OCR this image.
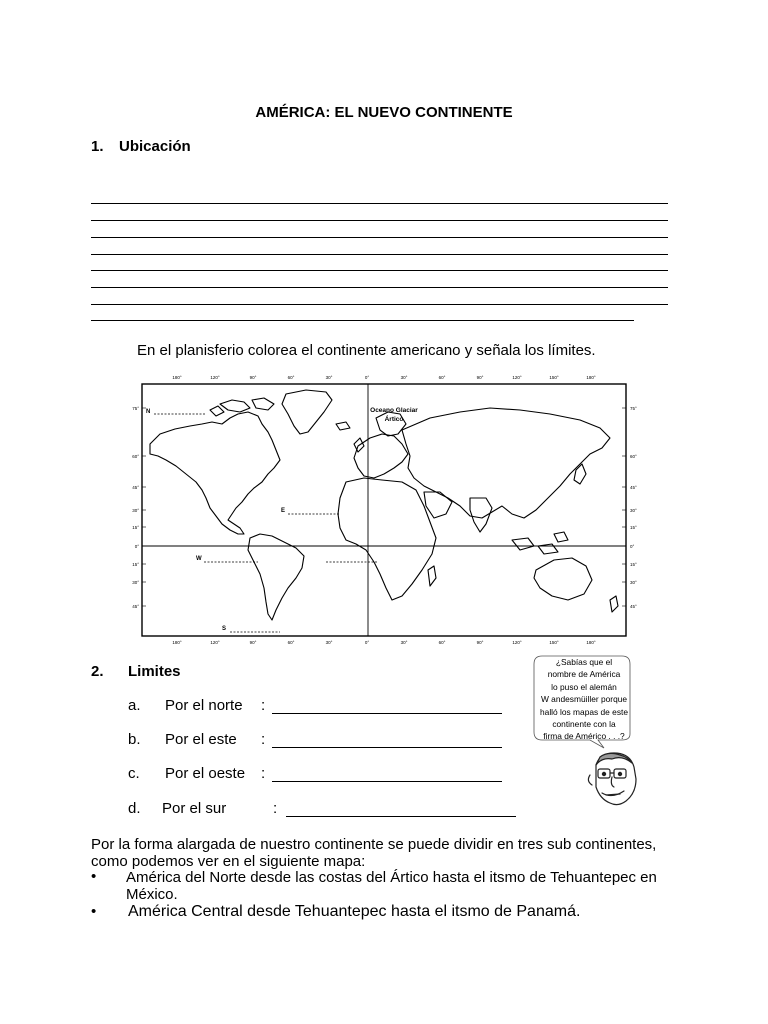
AMÉRICA: EL NUEVO CONTINENTE
1. Ubicación
En el planisferio colorea el continente americano y señala los límites.
180°	120°	90°	60°	30°	0°	30°	60°	90°	120°	150°	180°
180°	120°	90°	60°	30°	0°	30°	60°	90°	120°	150°	180°
75°
60°
45°
30°
15°
0°
15°
30°
45°
75°
60°
45°
30°
15°
0°
15°
30°
45°
Oceano Glaciar
Ártico
N
E
W
S
2. Limites
a. Por el norte :
b. Por el este :
c. Por el oeste :
d. Por el sur	:
¿Sabías que el
nombre de América
lo puso el alemán
W andesmüiller porque
halló los mapas de este
continente con la
firma de Américo . . .?
Por la forma alargada de nuestro continente se puede dividir en tres sub continentes, como podemos ver en el siguiente mapa:
• América del Norte desde las costas del Ártico hasta el itsmo de Tehuantepec en
México.
• América Central desde Tehuantepec hasta el itsmo de Panamá.
